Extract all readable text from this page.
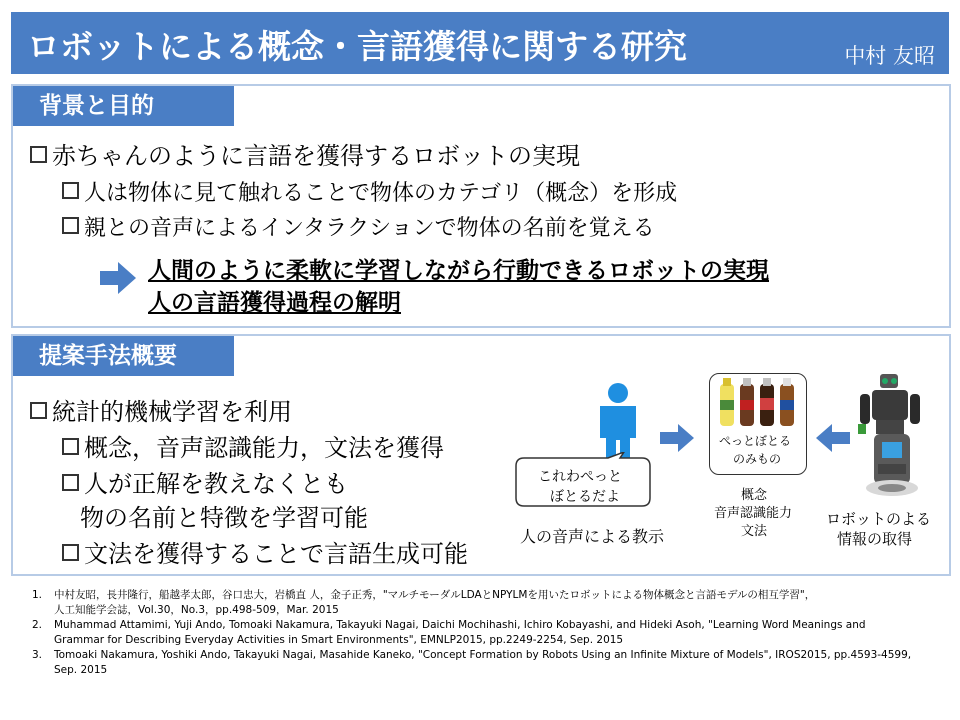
ロボットによる概念・言語獲得に関する研究	中村 友昭
背景と目的
赤ちゃんのように言語を獲得するロボットの実現
人は物体に見て触れることで物体のカテゴリ（概念）を形成
親との音声によるインタラクションで物体の名前を覚える
人間のように柔軟に学習しながら行動できるロボットの実現
人の言語獲得過程の解明
提案手法概要
統計的機械学習を利用
概念，音声認識能力，文法を獲得
人が正解を教えなくとも
物の名前と特徴を学習可能
文法を獲得することで言語生成可能
これわぺっと
ぼとるだよ
人の音声による教示
ぺっとぼとる
のみもの
概念
音声認識能力
文法
ロボットのよる
情報の取得
1. 中村友昭，長井隆行，船越孝太郎，谷口忠大，岩橋直 人，金子正秀，"マルチモーダルLDAとNPYLMを用いたロボットによる物体概念と言語モデルの相互学習"，
人工知能学会誌，Vol.30，No.3，pp.498-509，Mar. 2015
2. Muhammad Attamimi, Yuji Ando, Tomoaki Nakamura, Takayuki Nagai, Daichi Mochihashi, Ichiro Kobayashi, and Hideki Asoh, "Learning Word Meanings and
Grammar for Describing Everyday Activities in Smart Environments", EMNLP2015, pp.2249-2254, Sep. 2015
3. Tomoaki Nakamura, Yoshiki Ando, Takayuki Nagai, Masahide Kaneko, "Concept Formation by Robots Using an Infinite Mixture of Models", IROS2015, pp.4593-4599,
Sep. 2015
